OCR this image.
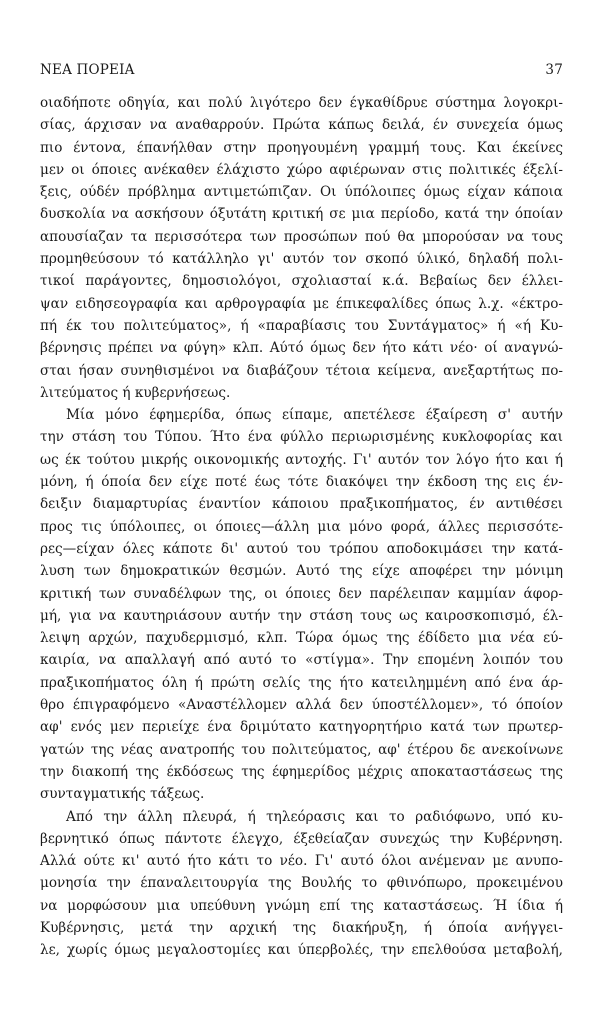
ΝΕΑ ΠΟΡΕΙΑ	37

οιαδήποτε οδηγία, και πολύ λιγότερο δεν έγκαθίδρυε σύστημα λογοκρι-

σίας, άρχισαν να αναθαρρούν. Πρώτα κάπως δειλά, έν συνεχεία όμως

πιο έντονα, έπανήλθαν στην προηγουμένη γραμμή τους. Και έκείνες

μεν οι όποιες ανέκαθεν έλάχιστο χώρο αφιέρωναν στις πολιτικές έξελί-

ξεις, ούδέν πρόβλημα αντιμετώπιζαν. Οι ύπόλοιπες όμως είχαν κάποια

δυσκολία να ασκήσουν όξυτάτη κριτική σε μια περίοδο, κατά την όποίαν

απουσίαζαν τα περισσότερα των προσώπων πού θα μπορούσαν να τους

προμηθεύσουν τό κατάλληλο γι' αυτόν τον σκοπό ύλικό, δηλαδή πολι-

τικοί παράγοντες, δημοσιολόγοι, σχολιασταί κ.ά. Βεβαίως δεν έλλει-

ψαν ειδησεογραφία και αρθρογραφία με έπικεφαλίδες όπως λ.χ. «έκτρο-

πή έκ του πολιτεύματος», ή «παραβίασις του Συντάγματος» ή «ή Κυ-

βέρνησις πρέπει να φύγη» κλπ. Αύτό όμως δεν ήτο κάτι νέο· οί αναγνώ-

σται ήσαν συνηθισμένοι να διαβάζουν τέτοια κείμενα, ανεξαρτήτως πο-

λιτεύματος ή κυβερνήσεως.

Μία μόνο έφημερίδα, όπως είπαμε, απετέλεσε έξαίρεση σ' αυτήν

την στάση του Τύπου. Ήτο ένα φύλλο περιωρισμένης κυκλοφορίας και

ως έκ τούτου μικρής οικονομικής αντοχής. Γι' αυτόν τον λόγο ήτο και ή

μόνη, ή όποία δεν είχε ποτέ έως τότε διακόψει την έκδοση της εις έν-

δειξιν διαμαρτυρίας έναντίον κάποιου πραξικοπήματος, έν αντιθέσει

προς τις ύπόλοιπες, οι όποιες—άλλη μια μόνο φορά, άλλες περισσότε-

ρες—είχαν όλες κάποτε δι' αυτού του τρόπου αποδοκιμάσει την κατά-

λυση των δημοκρατικών θεσμών. Αυτό της είχε αποφέρει την μόνιμη

κριτική των συναδέλφων της, οι όποιες δεν παρέλειπαν καμμίαν άφορ-

μή, για να καυτηριάσουν αυτήν την στάση τους ως καιροσκοπισμό, έλ-

λειψη αρχών, παχυδερμισμό, κλπ. Τώρα όμως της έδίδετο μια νέα εύ-

καιρία, να απαλλαγή από αυτό το «στίγμα». Την επομένη λοιπόν του

πραξικοπήματος όλη ή πρώτη σελίς της ήτο κατειλημμένη από ένα άρ-

θρο έπιγραφόμενο «Αναστέλλομεν αλλά δεν ύποστέλλομεν», τό όποίον

αφ' ενός μεν περιείχε ένα δριμύτατο κατηγορητήριο κατά των πρωτερ-

γατών της νέας ανατροπής του πολιτεύματος, αφ' έτέρου δε ανεκοίνωνε

την διακοπή της έκδόσεως της έφημερίδος μέχρις αποκαταστάσεως της

συνταγματικής τάξεως.

Από την άλλη πλευρά, ή τηλεόρασις και το ραδιόφωνο, υπό κυ-

βερνητικό όπως πάντοτε έλεγχο, έξεθείαζαν συνεχώς την Κυβέρνηση.

Αλλά ούτε κι' αυτό ήτο κάτι το νέο. Γι' αυτό όλοι ανέμεναν με ανυπο-

μονησία την έπαναλειτουργία της Βουλής το φθινόπωρο, προκειμένου

να μορφώσουν μια υπεύθυνη γνώμη επί της καταστάσεως. Ή ίδια ή

Κυβέρνησις, μετά την αρχική της διακήρυξη, ή όποία ανήγγει-

λε, χωρίς όμως μεγαλοστομίες και ύπερβολές, την επελθούσα μεταβολή,
